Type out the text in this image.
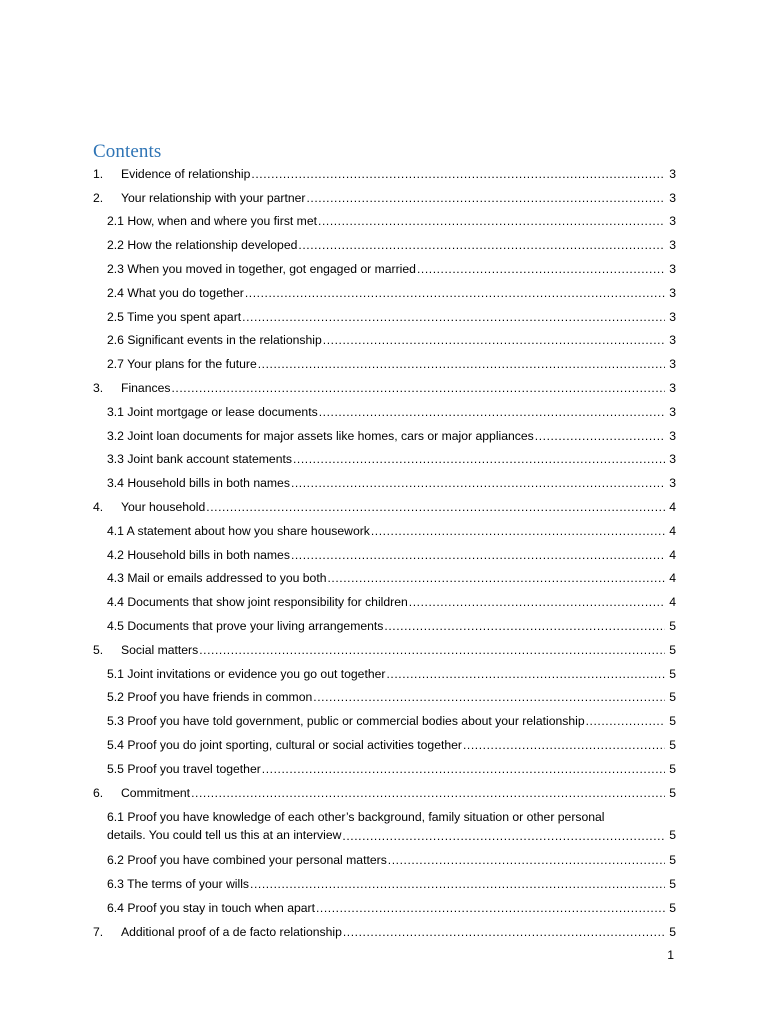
Contents
1.	Evidence of relationship .....	3
2.	Your relationship with your partner .....	3
2.1 How, when and where you first met .....	3
2.2 How the relationship developed .....	3
2.3 When you moved in together, got engaged or married .....	3
2.4 What you do together .....	3
2.5 Time you spent apart .....	3
2.6 Significant events in the relationship .....	3
2.7 Your plans for the future .....	3
3.	Finances .....	3
3.1 Joint mortgage or lease documents .....	3
3.2 Joint loan documents for major assets like homes, cars or major appliances .....	3
3.3 Joint bank account statements .....	3
3.4 Household bills in both names .....	3
4.	Your household .....	4
4.1 A statement about how you share housework .....	4
4.2 Household bills in both names .....	4
4.3 Mail or emails addressed to you both .....	4
4.4 Documents that show joint responsibility for children .....	4
4.5 Documents that prove your living arrangements .....	5
5.	Social matters .....	5
5.1 Joint invitations or evidence you go out together .....	5
5.2 Proof you have friends in common .....	5
5.3 Proof you have told government, public or commercial bodies about your relationship .....	5
5.4 Proof you do joint sporting, cultural or social activities together .....	5
5.5 Proof you travel together .....	5
6.	Commitment .....	5
6.1 Proof you have knowledge of each other’s background, family situation or other personal
details. You could tell us this at an interview .....	5
6.2 Proof you have combined your personal matters .....	5
6.3 The terms of your wills .....	5
6.4 Proof you stay in touch when apart .....	5
7.	Additional proof of a de facto relationship .....	5
1
